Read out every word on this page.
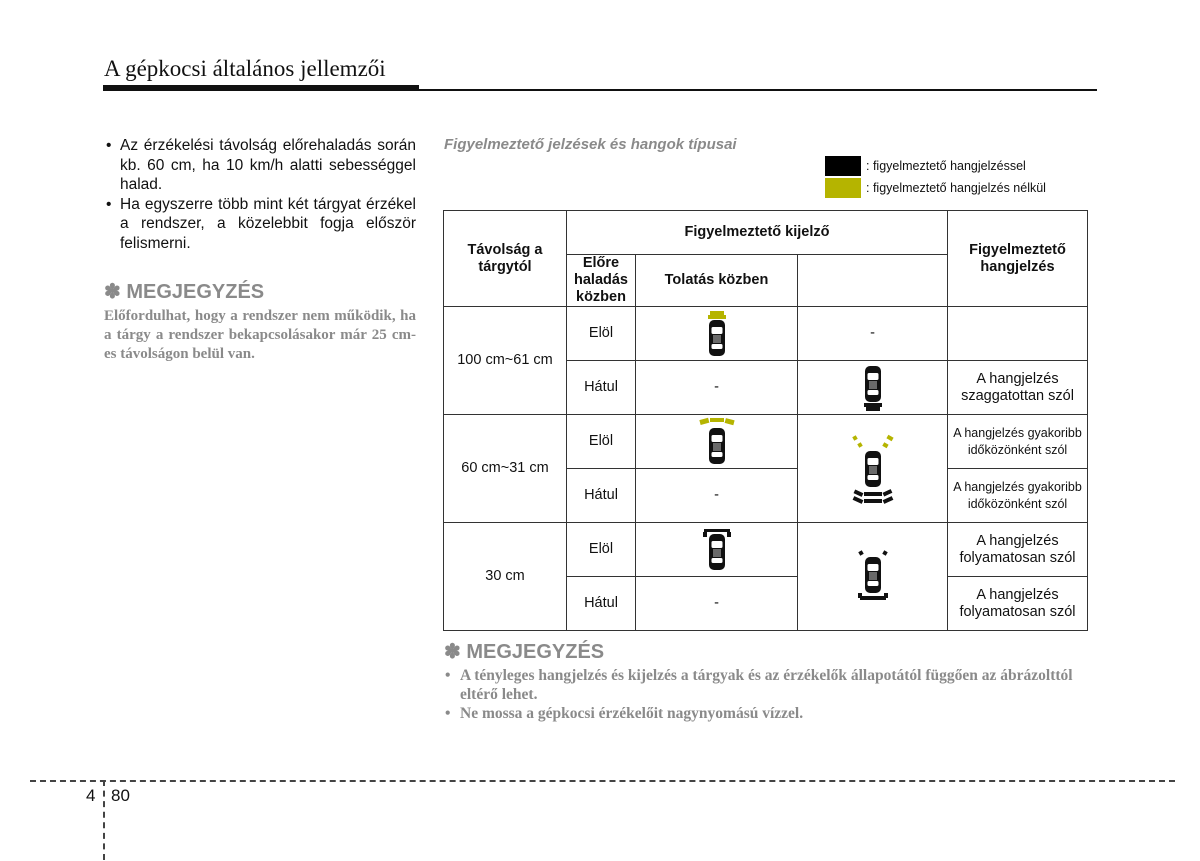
A gépkocsi általános jellemzői
• Az érzékelési távolság előrehaladás során kb. 60 cm, ha 10 km/h alatti sebességgel halad.
• Ha egyszerre több mint két tárgyat érzékel a rendszer, a közelebbit fogja először felismerni.
✽ MEGJEGYZÉS
Előfordulhat, hogy a rendszer nem működik, ha a tárgy a rendszer bekapcsolásakor már 25 cm-es távolságon belül van.
Figyelmeztető jelzések és hangok típusai
: figyelmeztető hangjelzéssel
: figyelmeztető hangjelzés nélkül
Távolság a tárgytól	Figyelmeztető kijelző			Figyelmeztető hangjelzés
	Előre haladás közben	Tolatás közben		
100 cm~61 cm	Elöl		-	
	Hátul	-		A hangjelzés szaggatottan szól
60 cm~31 cm	Elöl			A hangjelzés gyakoribb időközönként szól
	Hátul	-		A hangjelzés gyakoribb időközönként szól
30 cm	Elöl			A hangjelzés folyamatosan szól
	Hátul	-		A hangjelzés folyamatosan szól
✽ MEGJEGYZÉS
• A tényleges hangjelzés és kijelzés a tárgyak és az érzékelők állapotától függően az ábrázolttól eltérő lehet.
• Ne mossa a gépkocsi érzékelőit nagynyomású vízzel.
4 80
